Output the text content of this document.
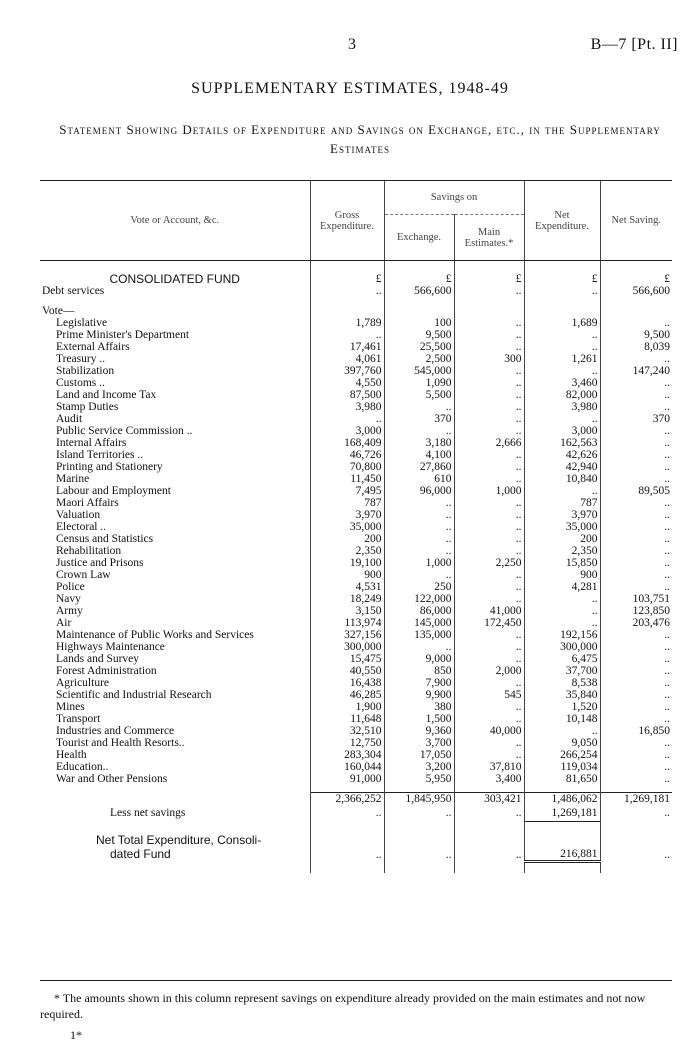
3	B—7 [Pt. II]
SUPPLEMENTARY ESTIMATES, 1948-49
Statement Showing Details of Expenditure and Savings on Exchange, etc., in the Supplementary Estimates
Vote or Account, &c.	Gross Expenditure.	Savings on		Net Expenditure.	Net Saving.
		Exchange.	Main Estimates.*		

CONSOLIDATED FUND	£	£	£	£	£
Debt services	..	566,600	..	..	566,600

Vote—					
Legislative	1,789	100	..	1,689	..
Prime Minister's Department	..	9,500	..	..	9,500
External Affairs	17,461	25,500	..	..	8,039
Treasury ..	4,061	2,500	300	1,261	..
Stabilization	397,760	545,000	..	..	147,240
Customs ..	4,550	1,090	..	3,460	..
Land and Income Tax	87,500	5,500	..	82,000	..
Stamp Duties	3,980	..	..	3,980	..
Audit	..	370	..	..	370
Public Service Commission ..	3,000	..	..	3,000	..
Internal Affairs	168,409	3,180	2,666	162,563	..
Island Territories ..	46,726	4,100	..	42,626	..
Printing and Stationery	70,800	27,860	..	42,940	..
Marine	11,450	610	..	10,840	..
Labour and Employment	7,495	96,000	1,000	..	89,505
Maori Affairs	787	..	..	787	..
Valuation	3,970	..	..	3,970	..
Electoral ..	35,000	..	..	35,000	..
Census and Statistics	200	..	..	200	..
Rehabilitation	2,350	..	..	2,350	..
Justice and Prisons	19,100	1,000	2,250	15,850	..
Crown Law	900	..	..	900	..
Police	4,531	250	..	4,281	..
Navy	18,249	122,000	..	..	103,751
Army	3,150	86,000	41,000	..	123,850
Air	113,974	145,000	172,450	..	203,476
Maintenance of Public Works and Services	327,156	135,000	..	192,156	..
Highways Maintenance	300,000	..	..	300,000	..
Lands and Survey	15,475	9,000	..	6,475	..
Forest Administration	40,550	850	2,000	37,700	..
Agriculture	16,438	7,900	..	8,538	..
Scientific and Industrial Research	46,285	9,900	545	35,840	..
Mines	1,900	380	..	1,520	..
Transport	11,648	1,500	..	10,148	..
Industries and Commerce	32,510	9,360	40,000	..	16,850
Tourist and Health Resorts..	12,750	3,700	..	9,050	..
Health	283,304	17,050	..	266,254	..
Education..	160,044	3,200	37,810	119,034	..
War and Other Pensions	91,000	5,950	3,400	81,650	..

	2,366,252	1,845,950	303,421	1,486,062	1,269,181
Less net savings	..	..	..	1,269,181	..

Net Total Expenditure, Consoli-
dated Fund	..	..	..	216,881	..

* The amounts shown in this column represent savings on expenditure already provided on the main estimates and not now required.
1*
